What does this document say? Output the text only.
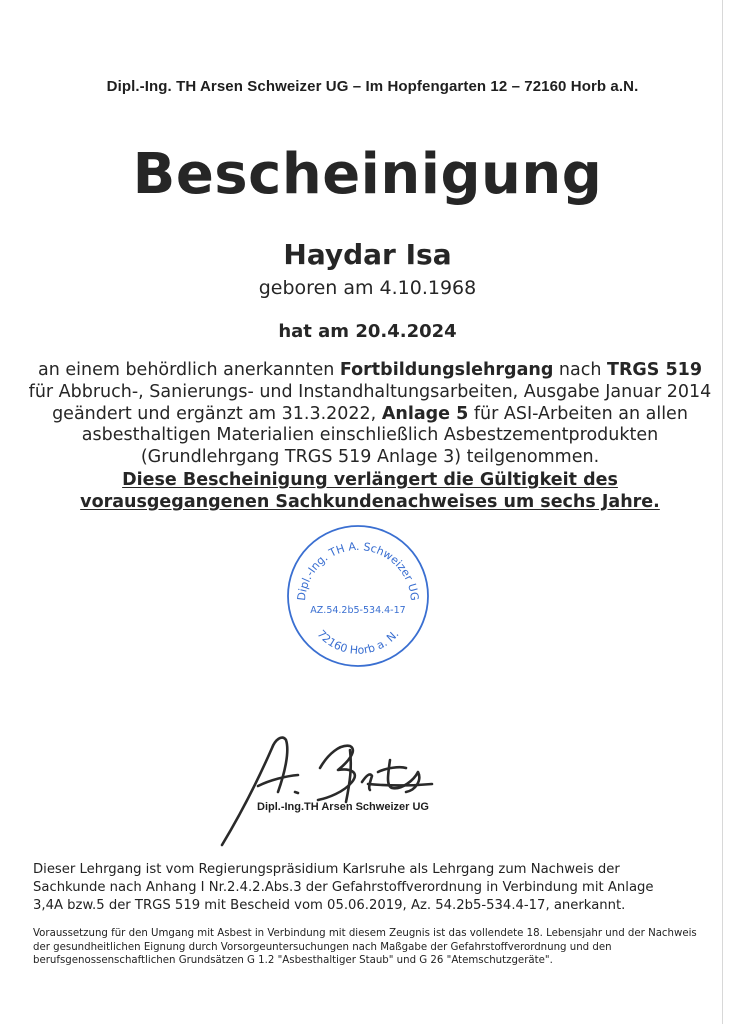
Dipl.-Ing. TH Arsen Schweizer UG – Im Hopfengarten 12 – 72160 Horb a.N.
Bescheinigung
Haydar Isa
geboren am 4.10.1968
hat am 20.4.2024
an einem behördlich anerkannten Fortbildungslehrgang nach TRGS 519
für Abbruch-, Sanierungs- und Instandhaltungsarbeiten, Ausgabe Januar 2014 geändert und ergänzt am 31.3.2022, Anlage 5 für ASI-Arbeiten an allen asbesthaltigen Materialien einschließlich Asbestzementprodukten (Grundlehrgang TRGS 519 Anlage 3) teilgenommen.
Diese Bescheinigung verlängert die Gültigkeit des
vorausgegangenen Sachkundenachweises um sechs Jahre.
Dipl.-Ing. TH A. Schweizer UG
AZ.54.2b5-534.4-17
72160 Horb a. N.
Dipl.-Ing.TH Arsen Schweizer UG
Dieser Lehrgang ist vom Regierungspräsidium Karlsruhe als Lehrgang zum Nachweis der Sachkunde nach Anhang I Nr.2.4.2.Abs.3 der Gefahrstoffverordnung in Verbindung mit Anlage 3,4A bzw.5 der TRGS 519 mit Bescheid vom 05.06.2019, Az. 54.2b5-534.4-17, anerkannt.
Voraussetzung für den Umgang mit Asbest in Verbindung mit diesem Zeugnis ist das vollendete 18. Lebensjahr und der Nachweis der gesundheitlichen Eignung durch Vorsorgeuntersuchungen nach Maßgabe der Gefahrstoffverordnung und den berufsgenossenschaftlichen Grundsätzen G 1.2 "Asbesthaltiger Staub" und G 26 "Atemschutzgeräte".
